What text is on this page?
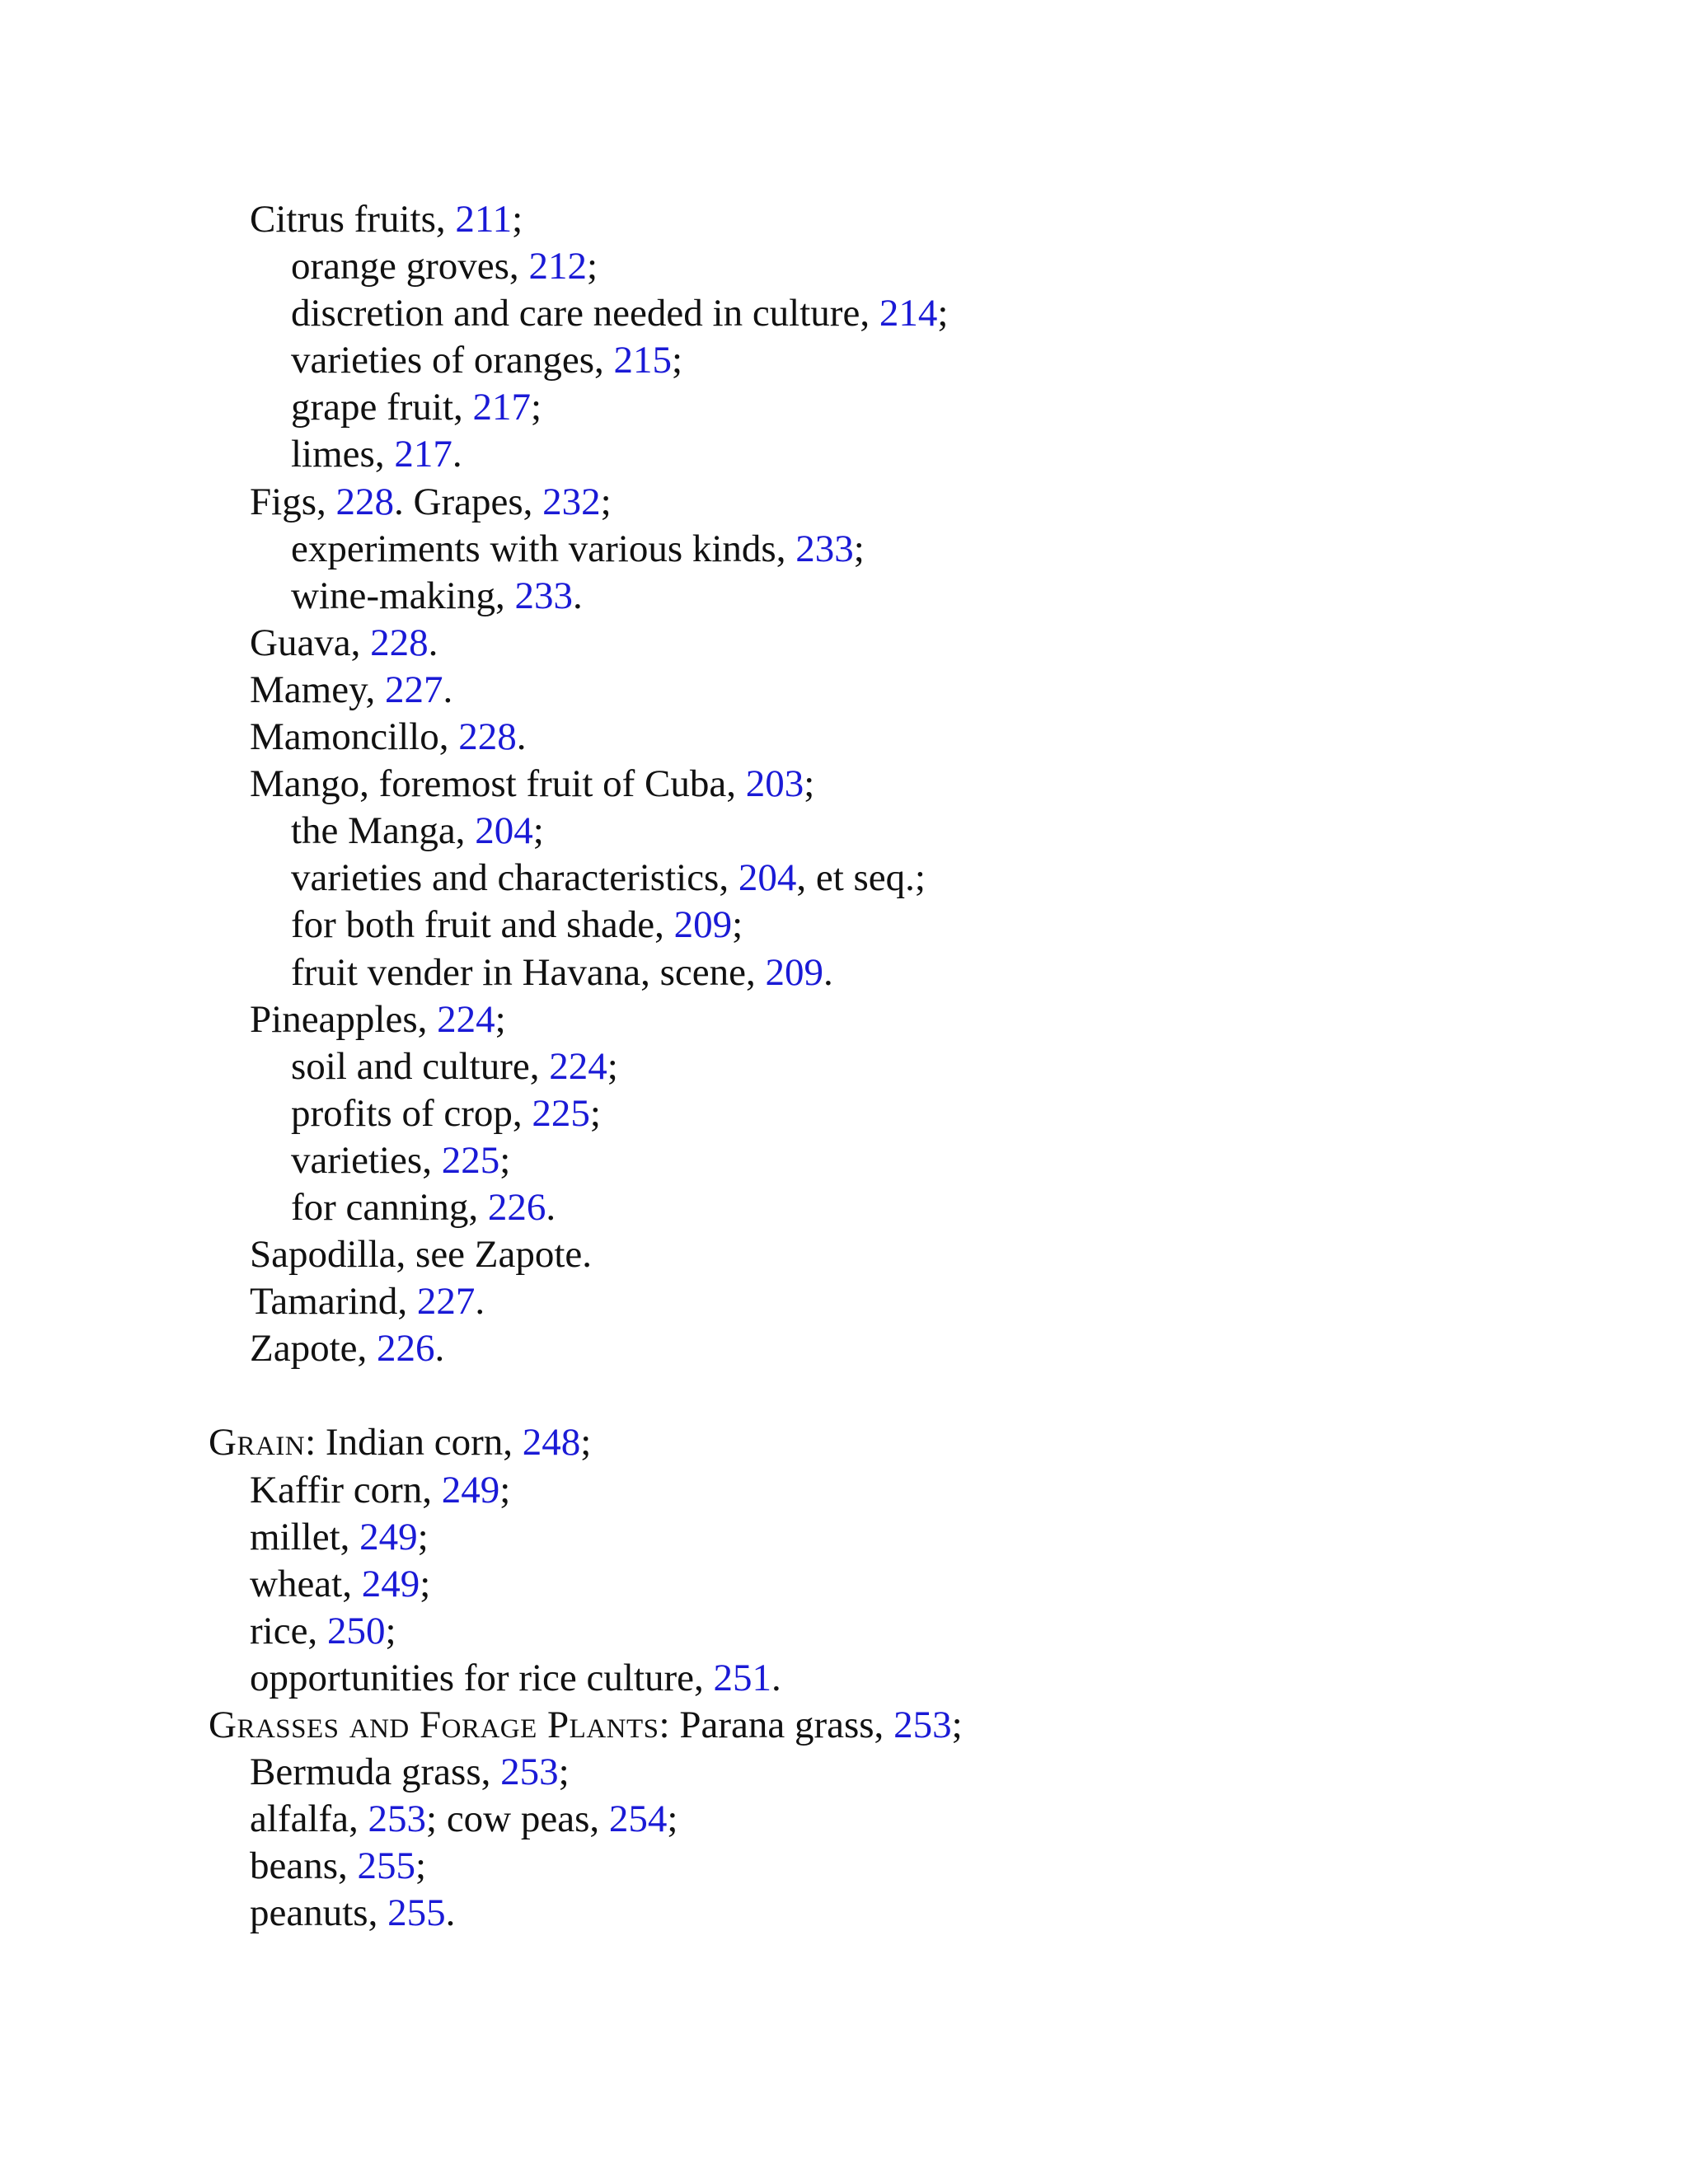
Citrus fruits, 211;
orange groves, 212;
discretion and care needed in culture, 214;
varieties of oranges, 215;
grape fruit, 217;
limes, 217.
Figs, 228. Grapes, 232;
experiments with various kinds, 233;
wine-making, 233.
Guava, 228.
Mamey, 227.
Mamoncillo, 228.
Mango, foremost fruit of Cuba, 203;
the Manga, 204;
varieties and characteristics, 204, et seq.;
for both fruit and shade, 209;
fruit vender in Havana, scene, 209.
Pineapples, 224;
soil and culture, 224;
profits of crop, 225;
varieties, 225;
for canning, 226.
Sapodilla, see Zapote.
Tamarind, 227.
Zapote, 226.
Grain: Indian corn, 248;
Kaffir corn, 249;
millet, 249;
wheat, 249;
rice, 250;
opportunities for rice culture, 251.
Grasses and Forage Plants: Parana grass, 253;
Bermuda grass, 253;
alfalfa, 253; cow peas, 254;
beans, 255;
peanuts, 255.
